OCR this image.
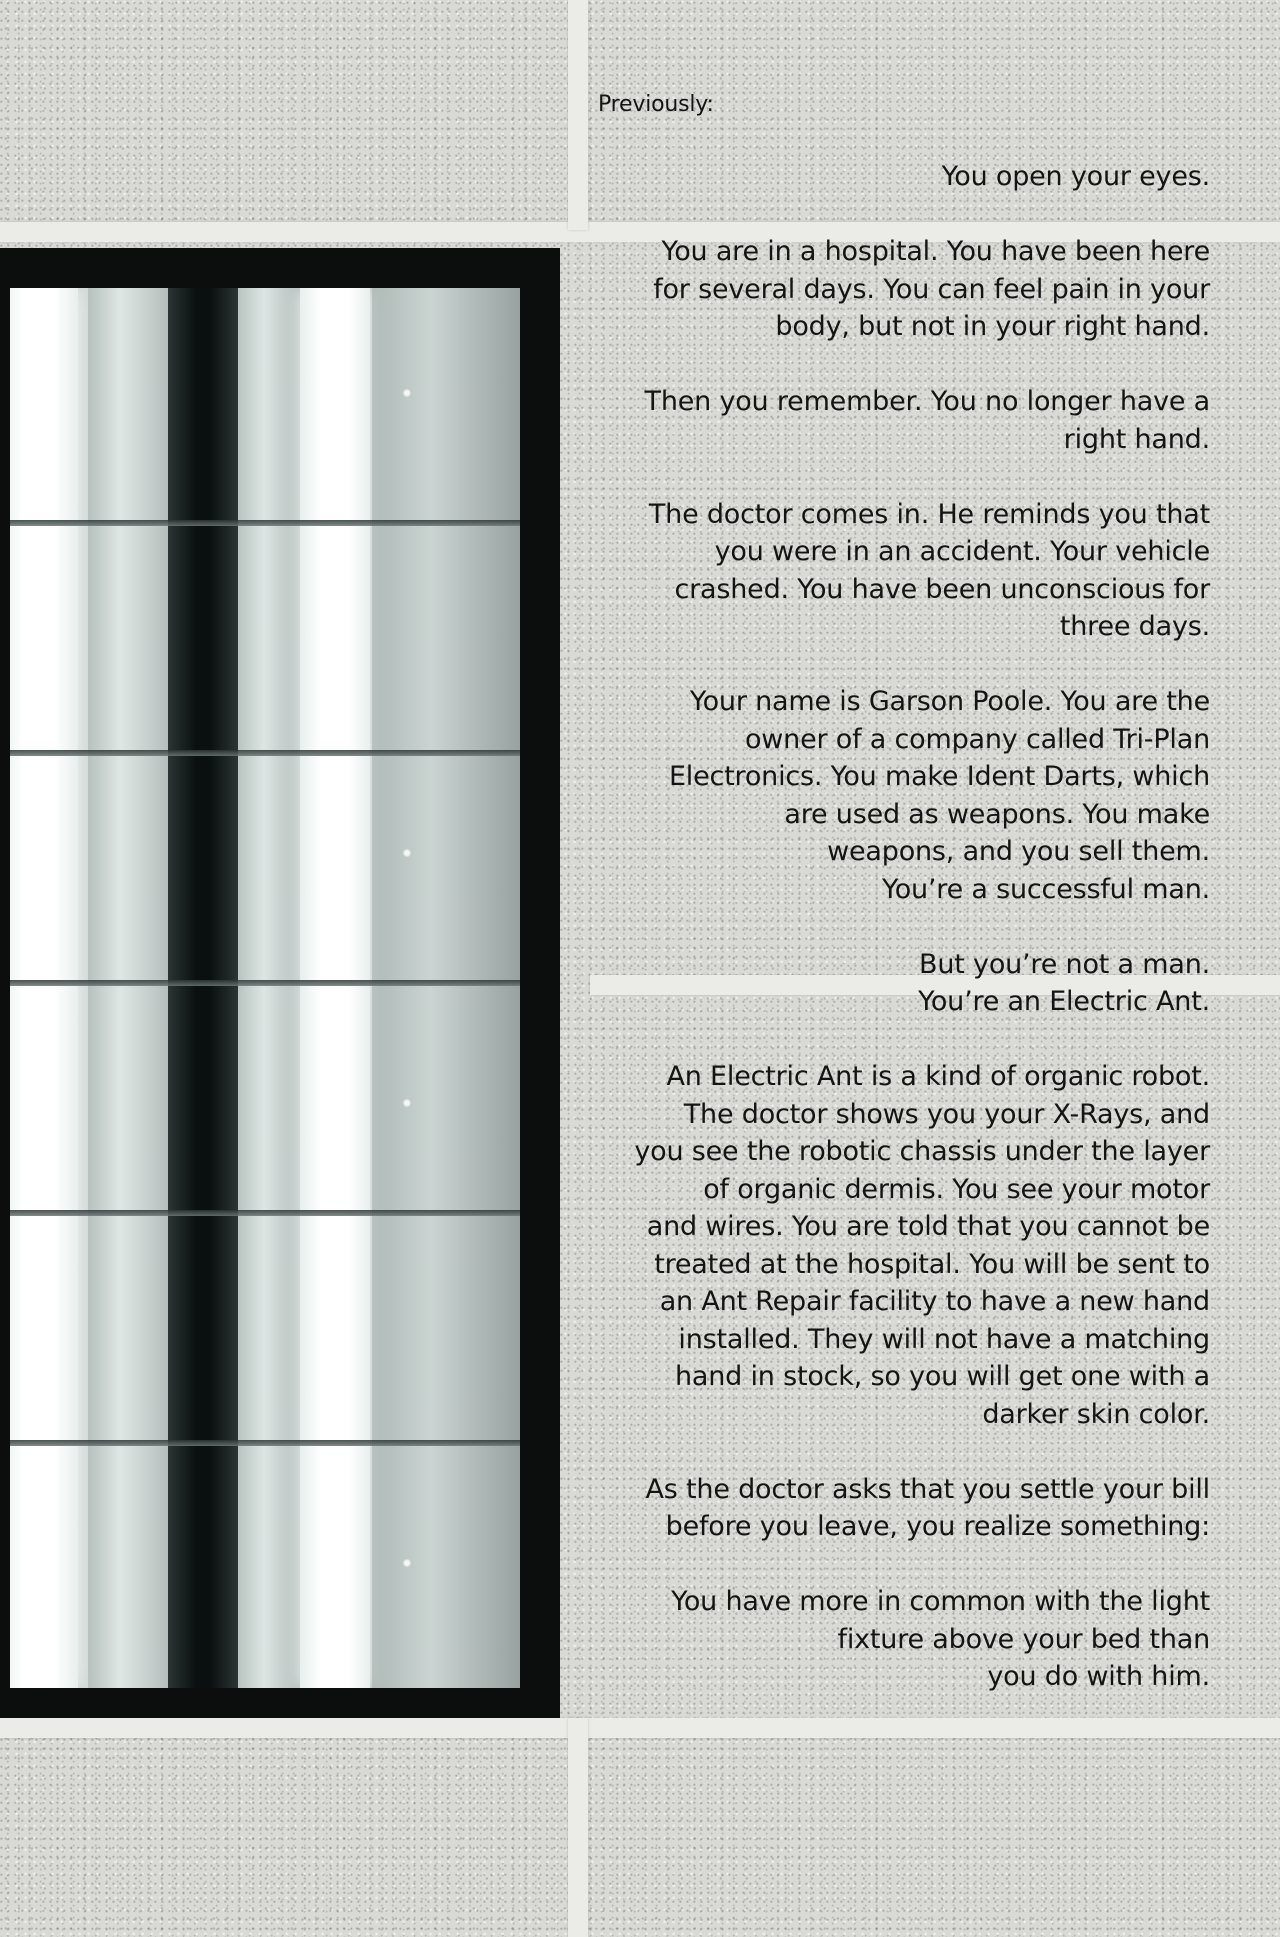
Previously:

You open your eyes.

You are in a hospital. You have been here
for several days. You can feel pain in your
body, but not in your right hand.

Then you remember. You no longer have a
right hand.

The doctor comes in. He reminds you that
you were in an accident. Your vehicle
crashed. You have been unconscious for
three days.

Your name is Garson Poole. You are the
owner of a company called Tri-Plan
Electronics. You make Ident Darts, which
are used as weapons. You make
weapons, and you sell them.
You’re a successful man.

But you’re not a man.
You’re an Electric Ant.

An Electric Ant is a kind of organic robot.
The doctor shows you your X-Rays, and
you see the robotic chassis under the layer
of organic dermis. You see your motor
and wires. You are told that you cannot be
treated at the hospital. You will be sent to
an Ant Repair facility to have a new hand
installed. They will not have a matching
hand in stock, so you will get one with a
darker skin color.

As the doctor asks that you settle your bill
before you leave, you realize something:

You have more in common with the light
fixture above your bed than
you do with him.
